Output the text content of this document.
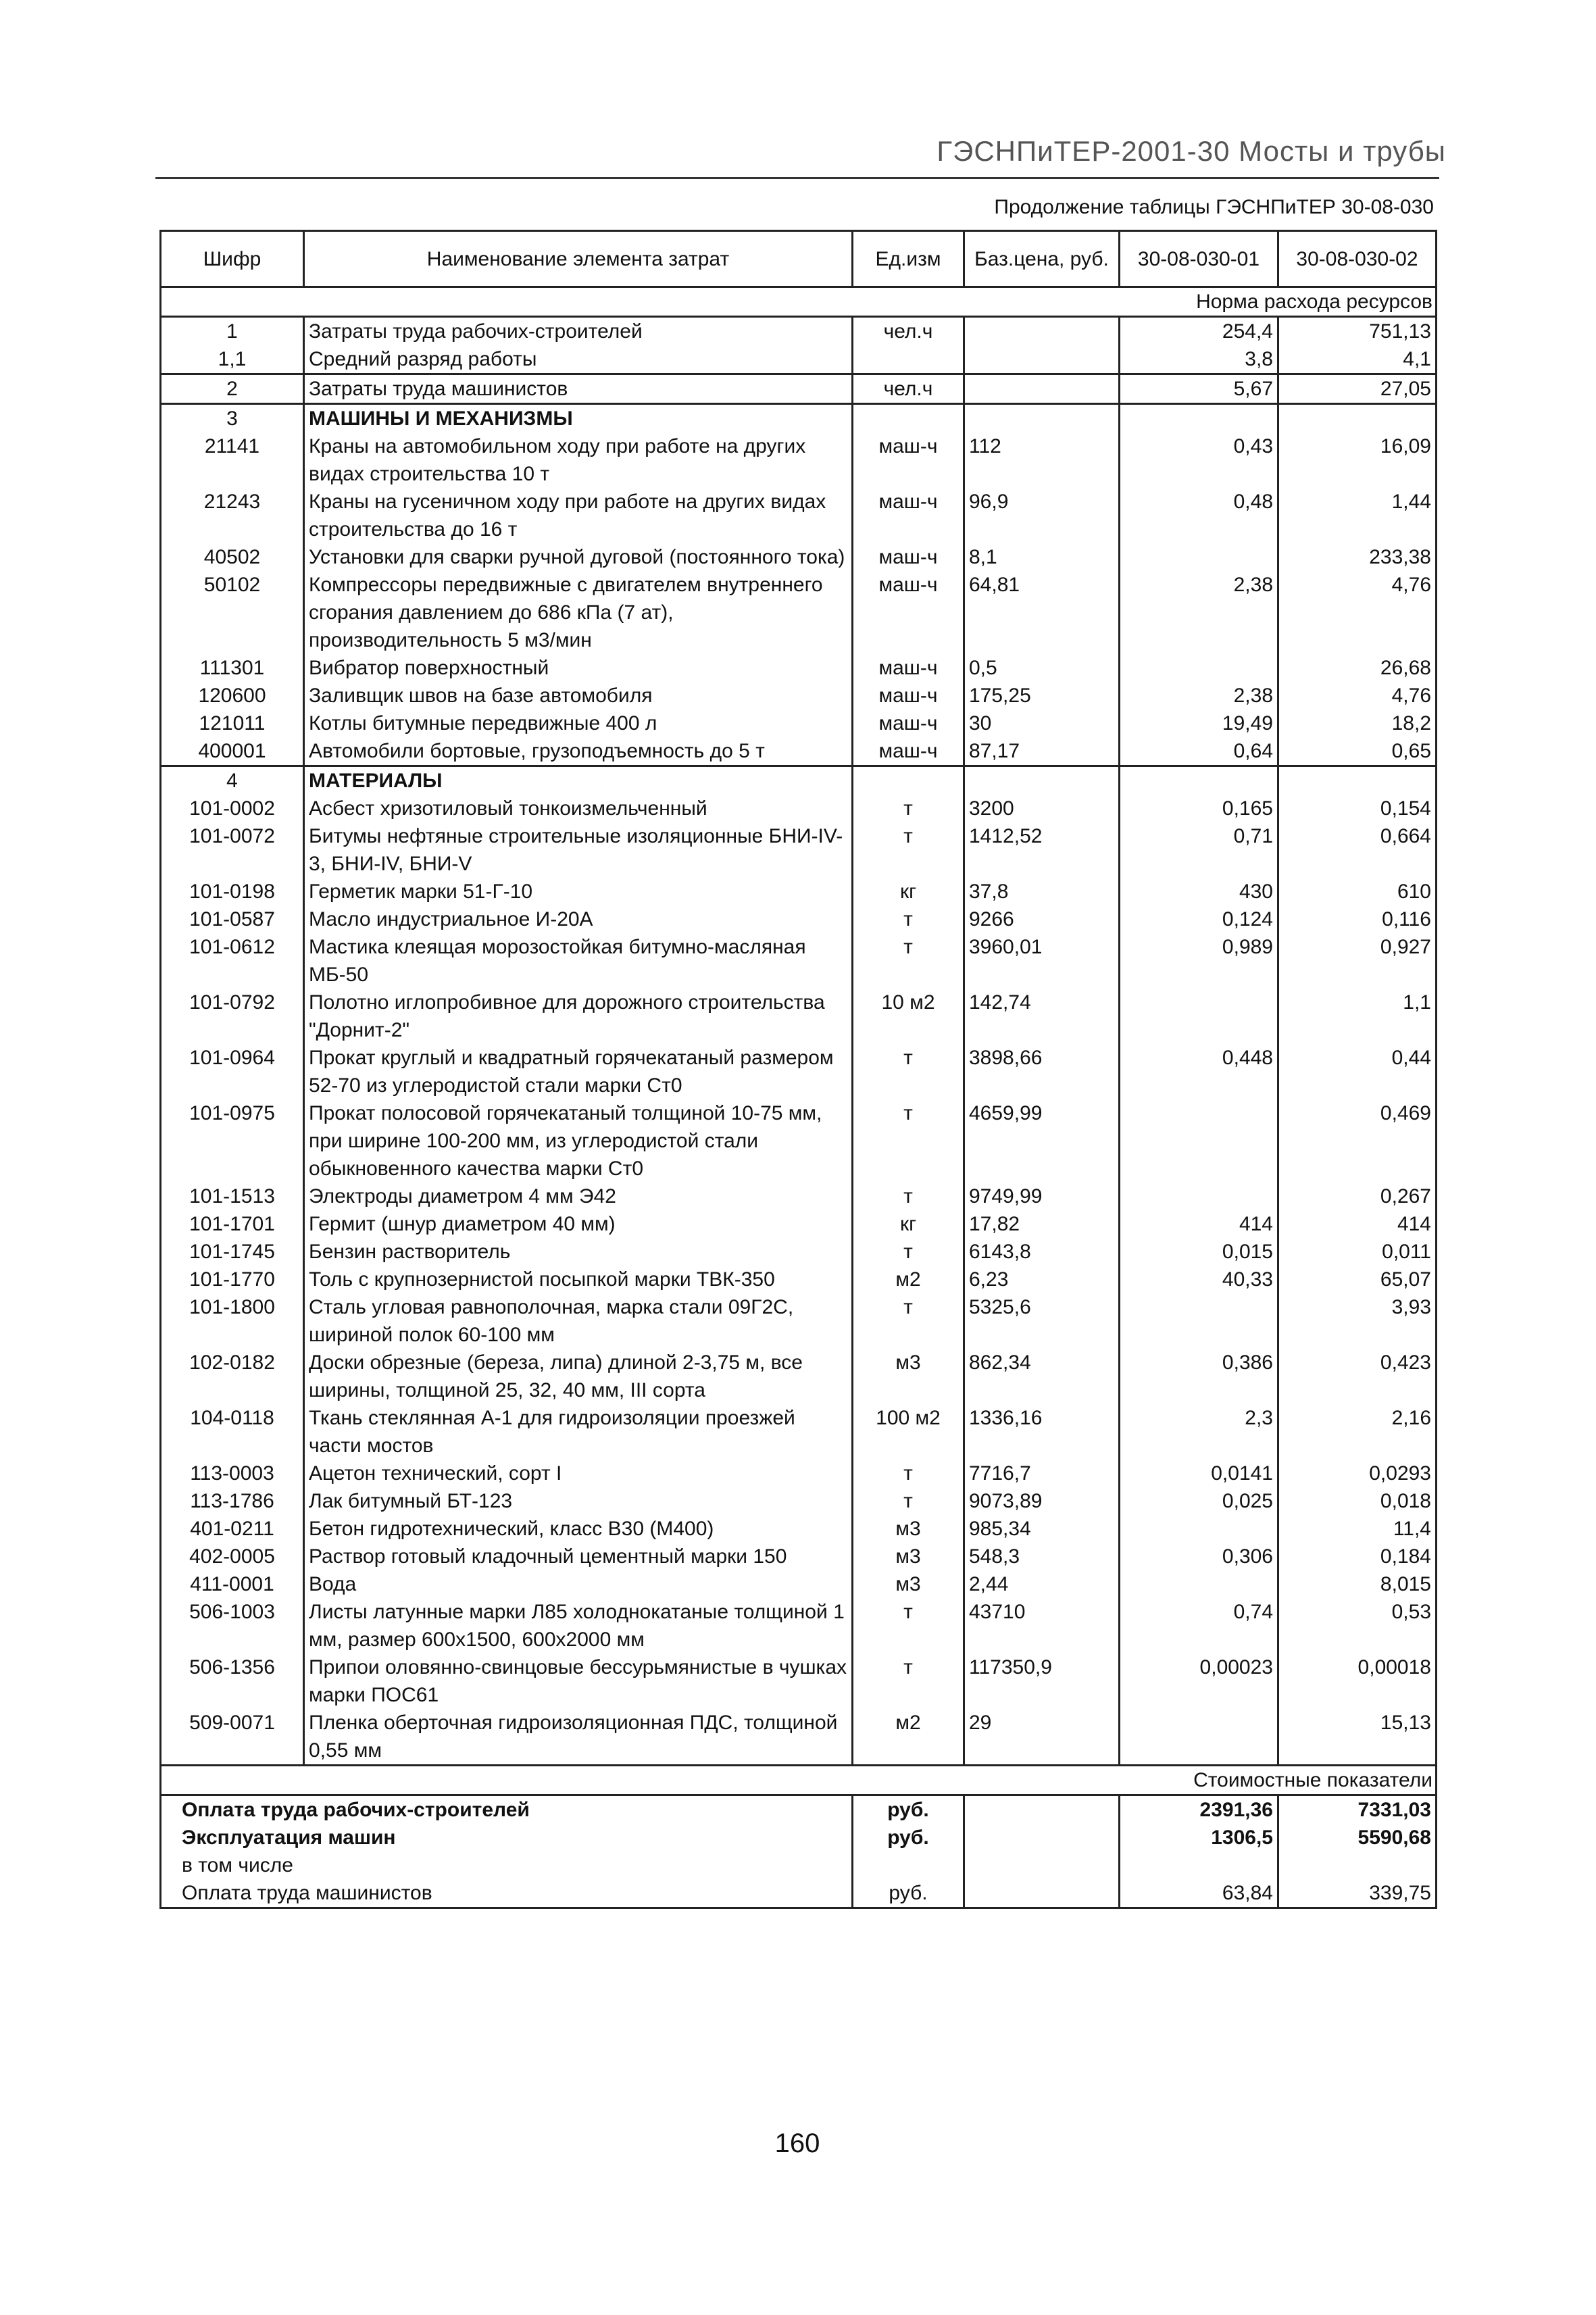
ГЭСНПиТЕР-2001-30 Мосты и трубы
Продолжение таблицы ГЭСНПиТЕР 30-08-030
Шифр	Наименование элемента затрат	Ед.изм	Баз.цена, руб.	30-08-030-01	30-08-030-02
Норма расхода ресурсов					
1	Затраты труда рабочих-строителей	чел.ч		254,4	751,13
1,1	Средний разряд работы			3,8	4,1
2	Затраты труда машинистов	чел.ч		5,67	27,05
3	МАШИНЫ И МЕХАНИЗМЫ				
21141	Краны на автомобильном ходу при работе на других видах строительства 10 т	маш-ч	112	0,43	16,09
21243	Краны на гусеничном ходу при работе на других видах строительства до 16 т	маш-ч	96,9	0,48	1,44
40502	Установки для сварки ручной дуговой (постоянного тока)	маш-ч	8,1		233,38
50102	Компрессоры передвижные с двигателем внутреннего сгорания давлением до 686 кПа (7 ат), производительность 5 м3/мин	маш-ч	64,81	2,38	4,76
111301	Вибратор поверхностный	маш-ч	0,5		26,68
120600	Заливщик швов на базе автомобиля	маш-ч	175,25	2,38	4,76
121011	Котлы битумные передвижные 400 л	маш-ч	30	19,49	18,2
400001	Автомобили бортовые, грузоподъемность до 5 т	маш-ч	87,17	0,64	0,65
4	МАТЕРИАЛЫ				
101-0002	Асбест хризотиловый тонкоизмельченный	т	3200	0,165	0,154
101-0072	Битумы нефтяные строительные изоляционные БНИ-IV-3, БНИ-IV, БНИ-V	т	1412,52	0,71	0,664
101-0198	Герметик марки 51-Г-10	кг	37,8	430	610
101-0587	Масло индустриальное И-20А	т	9266	0,124	0,116
101-0612	Мастика клеящая морозостойкая битумно-масляная МБ-50	т	3960,01	0,989	0,927
101-0792	Полотно иглопробивное для дорожного строительства "Дорнит-2"	10 м2	142,74		1,1
101-0964	Прокат круглый и квадратный горячекатаный размером 52-70 из углеродистой стали марки Ст0	т	3898,66	0,448	0,44
101-0975	Прокат полосовой горячекатаный толщиной 10-75 мм, при ширине 100-200 мм, из углеродистой стали обыкновенного качества марки Ст0	т	4659,99		0,469
101-1513	Электроды диаметром 4 мм Э42	т	9749,99		0,267
101-1701	Гермит (шнур диаметром 40 мм)	кг	17,82	414	414
101-1745	Бензин растворитель	т	6143,8	0,015	0,011
101-1770	Толь с крупнозернистой посыпкой марки ТВК-350	м2	6,23	40,33	65,07
101-1800	Сталь угловая равнополочная, марка стали 09Г2С, шириной полок 60-100 мм	т	5325,6		3,93
102-0182	Доски обрезные (береза, липа) длиной 2-3,75 м, все ширины, толщиной 25, 32, 40 мм, III сорта	м3	862,34	0,386	0,423
104-0118	Ткань стеклянная А-1 для гидроизоляции проезжей части мостов	100 м2	1336,16	2,3	2,16
113-0003	Ацетон технический, сорт I	т	7716,7	0,0141	0,0293
113-1786	Лак битумный БТ-123	т	9073,89	0,025	0,018
401-0211	Бетон гидротехнический, класс В30 (М400)	м3	985,34		11,4
402-0005	Раствор готовый кладочный цементный марки 150	м3	548,3	0,306	0,184
411-0001	Вода	м3	2,44		8,015
506-1003	Листы латунные марки Л85 холоднокатаные толщиной 1 мм, размер 600х1500, 600х2000 мм	т	43710	0,74	0,53
506-1356	Припои оловянно-свинцовые бессурьмянистые в чушках марки ПОС61	т	117350,9	0,00023	0,00018
509-0071	Пленка оберточная гидроизоляционная ПДС, толщиной 0,55 мм	м2	29		15,13
Стоимостные показатели					
Оплата труда рабочих-строителей		руб.		2391,36	7331,03
Эксплуатация машин		руб.		1306,5	5590,68
в том числе					
Оплата труда машинистов		руб.		63,84	339,75
160
